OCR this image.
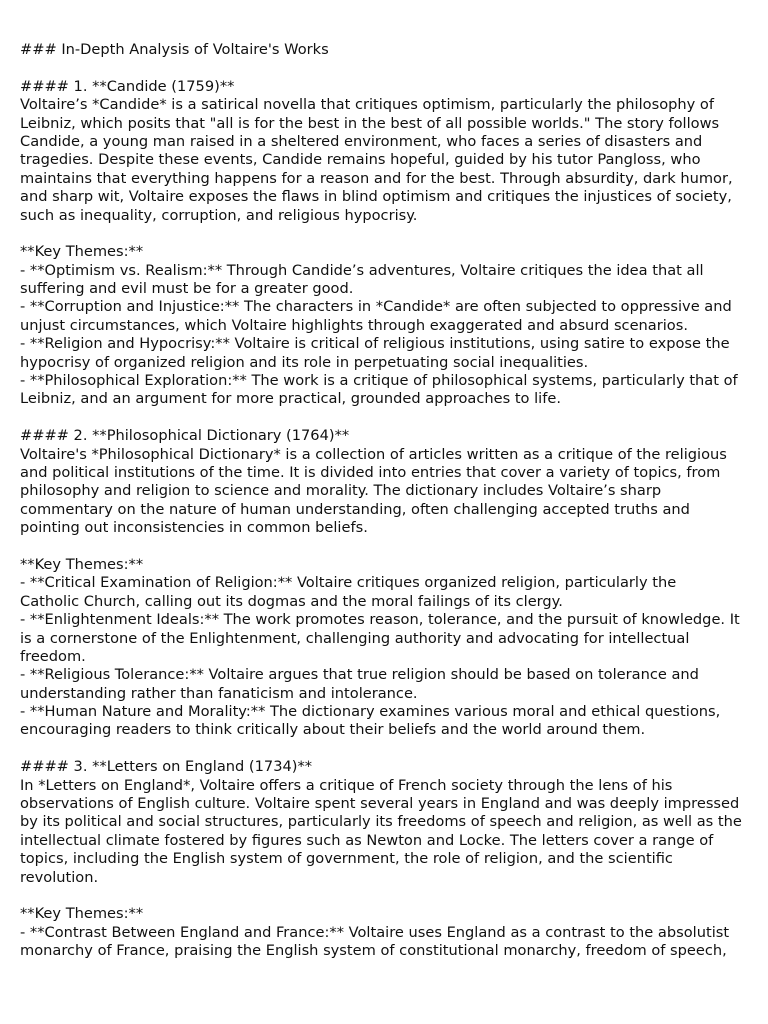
### In-Depth Analysis of Voltaire's Works
#### 1. **Candide (1759)**
Voltaire’s *Candide* is a satirical novella that critiques optimism, particularly the philosophy of
Leibniz, which posits that "all is for the best in the best of all possible worlds." The story follows
Candide, a young man raised in a sheltered environment, who faces a series of disasters and
tragedies. Despite these events, Candide remains hopeful, guided by his tutor Pangloss, who
maintains that everything happens for a reason and for the best. Through absurdity, dark humor,
and sharp wit, Voltaire exposes the flaws in blind optimism and critiques the injustices of society,
such as inequality, corruption, and religious hypocrisy.
**Key Themes:**
- **Optimism vs. Realism:** Through Candide’s adventures, Voltaire critiques the idea that all
suffering and evil must be for a greater good.
- **Corruption and Injustice:** The characters in *Candide* are often subjected to oppressive and
unjust circumstances, which Voltaire highlights through exaggerated and absurd scenarios.
- **Religion and Hypocrisy:** Voltaire is critical of religious institutions, using satire to expose the
hypocrisy of organized religion and its role in perpetuating social inequalities.
- **Philosophical Exploration:** The work is a critique of philosophical systems, particularly that of
Leibniz, and an argument for more practical, grounded approaches to life.
#### 2. **Philosophical Dictionary (1764)**
Voltaire's *Philosophical Dictionary* is a collection of articles written as a critique of the religious
and political institutions of the time. It is divided into entries that cover a variety of topics, from
philosophy and religion to science and morality. The dictionary includes Voltaire’s sharp
commentary on the nature of human understanding, often challenging accepted truths and
pointing out inconsistencies in common beliefs.
**Key Themes:**
- **Critical Examination of Religion:** Voltaire critiques organized religion, particularly the
Catholic Church, calling out its dogmas and the moral failings of its clergy.
- **Enlightenment Ideals:** The work promotes reason, tolerance, and the pursuit of knowledge. It
is a cornerstone of the Enlightenment, challenging authority and advocating for intellectual
freedom.
- **Religious Tolerance:** Voltaire argues that true religion should be based on tolerance and
understanding rather than fanaticism and intolerance.
- **Human Nature and Morality:** The dictionary examines various moral and ethical questions,
encouraging readers to think critically about their beliefs and the world around them.
#### 3. **Letters on England (1734)**
In *Letters on England*, Voltaire offers a critique of French society through the lens of his
observations of English culture. Voltaire spent several years in England and was deeply impressed
by its political and social structures, particularly its freedoms of speech and religion, as well as the
intellectual climate fostered by figures such as Newton and Locke. The letters cover a range of
topics, including the English system of government, the role of religion, and the scientific
revolution.
**Key Themes:**
- **Contrast Between England and France:** Voltaire uses England as a contrast to the absolutist
monarchy of France, praising the English system of constitutional monarchy, freedom of speech,
